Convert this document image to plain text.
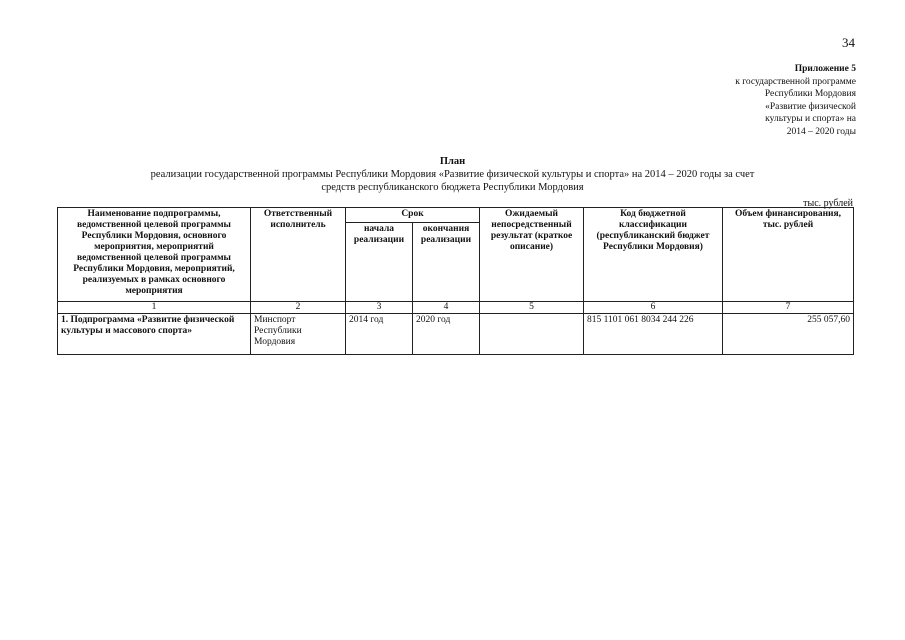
34
Приложение 5
к государственной программе
Республики Мордовия
«Развитие физической
культуры и спорта» на
2014 – 2020 годы
План
реализации государственной программы Республики Мордовия «Развитие физической культуры и спорта» на 2014 – 2020 годы за счет
средств республиканского бюджета Республики Мордовия
тыс. рублей
Наименование подпрограммы, ведомственной целевой программы Республики Мордовия, основного мероприятия, мероприятий ведомственной целевой программы Республики Мордовия, мероприятий, реализуемых в рамках основного мероприятия	Ответственный исполнитель	Срок		Ожидаемый непосредственный результат (краткое описание)	Код бюджетной классификации (республиканский бюджет Республики Мордовия)	Объем финансирования, тыс. рублей
		начала реализации	окончания реализации			
1	2	3	4	5	6	7
1. Подпрограмма «Развитие физической культуры и массового спорта»	Минспорт Республики Мордовия	2014 год	2020 год		815 1101 061 8034 244 226	255 057,60
